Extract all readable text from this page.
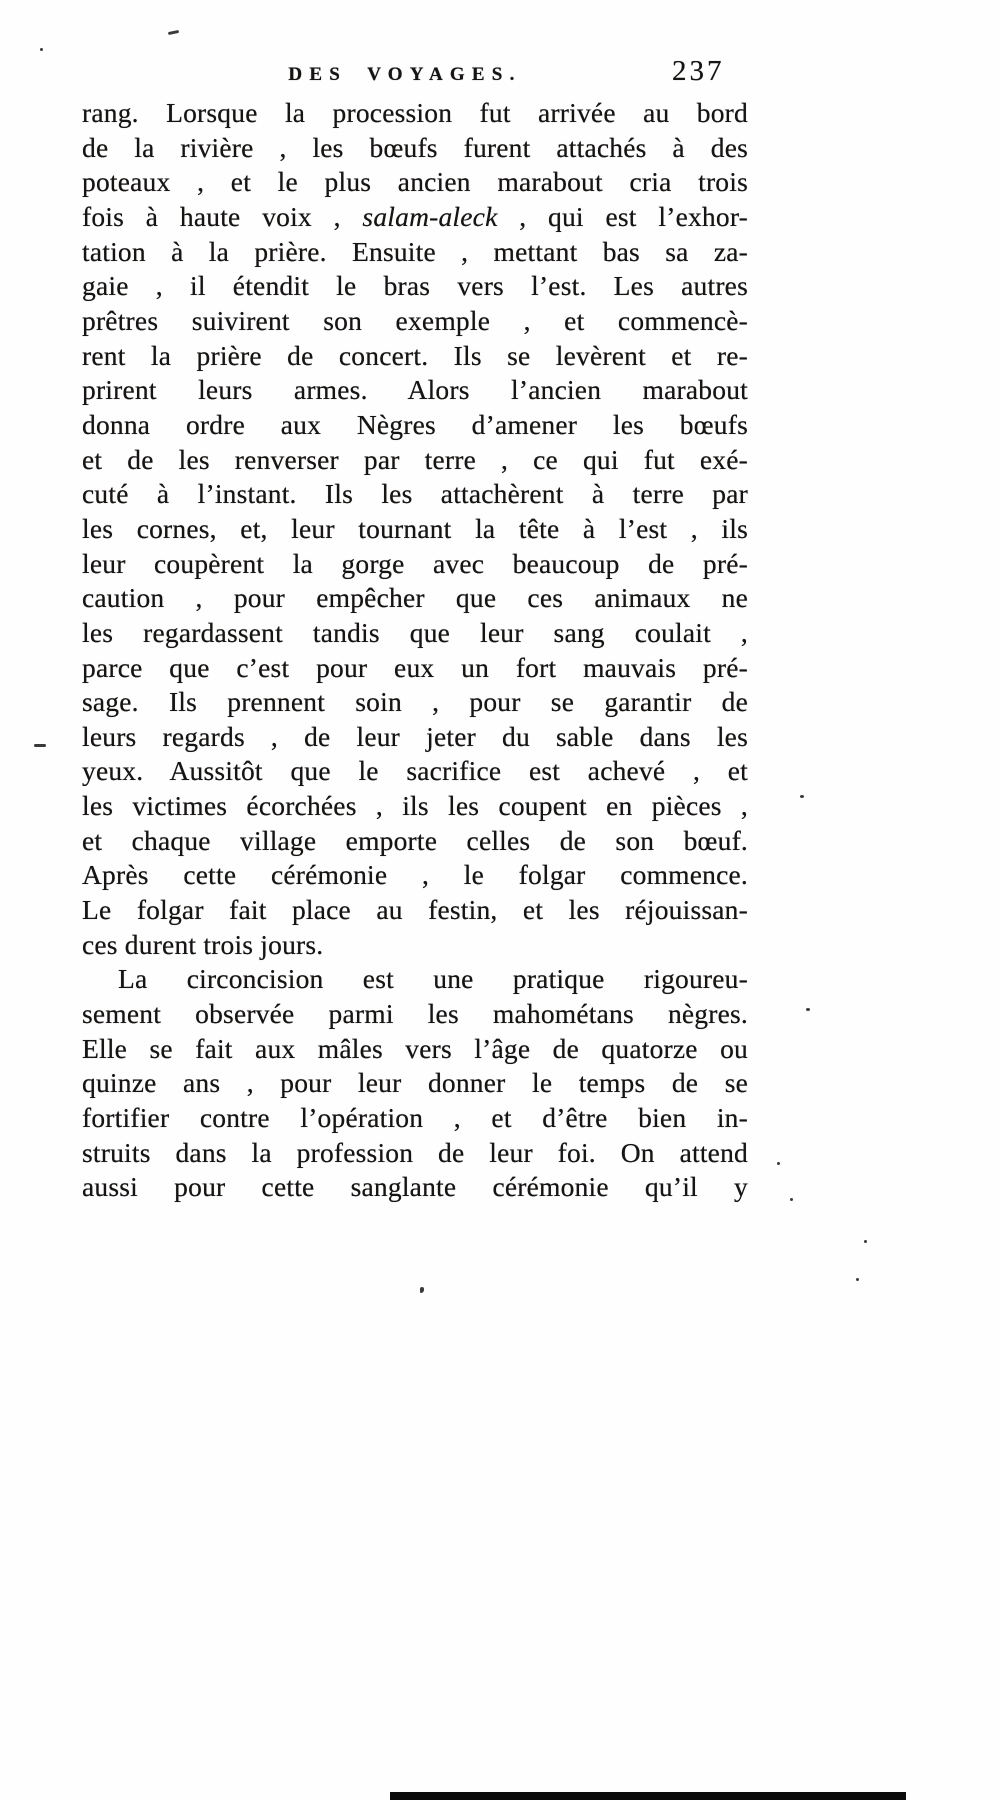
DES VOYAGES.	237
rang. Lorsque la procession fut arrivée au bord
de la rivière , les bœufs furent attachés à des
poteaux , et le plus ancien marabout cria trois
fois à haute voix , salam-aleck , qui est l’exhor-
tation à la prière. Ensuite , mettant bas sa za-
gaie , il étendit le bras vers l’est. Les autres
prêtres suivirent son exemple , et commencè-
rent la prière de concert. Ils se levèrent et re-
prirent leurs armes. Alors l’ancien marabout
donna ordre aux Nègres d’amener les bœufs
et de les renverser par terre , ce qui fut exé-
cuté à l’instant. Ils les attachèrent à terre par
les cornes, et, leur tournant la tête à l’est , ils
leur coupèrent la gorge avec beaucoup de pré-
caution , pour empêcher que ces animaux ne
les regardassent tandis que leur sang coulait ,
parce que c’est pour eux un fort mauvais pré-
sage. Ils prennent soin , pour se garantir de
leurs regards , de leur jeter du sable dans les
yeux. Aussitôt que le sacrifice est achevé , et
les victimes écorchées , ils les coupent en pièces ,
et chaque village emporte celles de son bœuf.
Après cette cérémonie , le folgar commence.
Le folgar fait place au festin, et les réjouissan-
ces durent trois jours.
La circoncision est une pratique rigoureu-
sement observée parmi les mahométans nègres.
Elle se fait aux mâles vers l’âge de quatorze ou
quinze ans , pour leur donner le temps de se
fortifier contre l’opération , et d’être bien in-
struits dans la profession de leur foi. On attend
aussi pour cette sanglante cérémonie qu’il y
